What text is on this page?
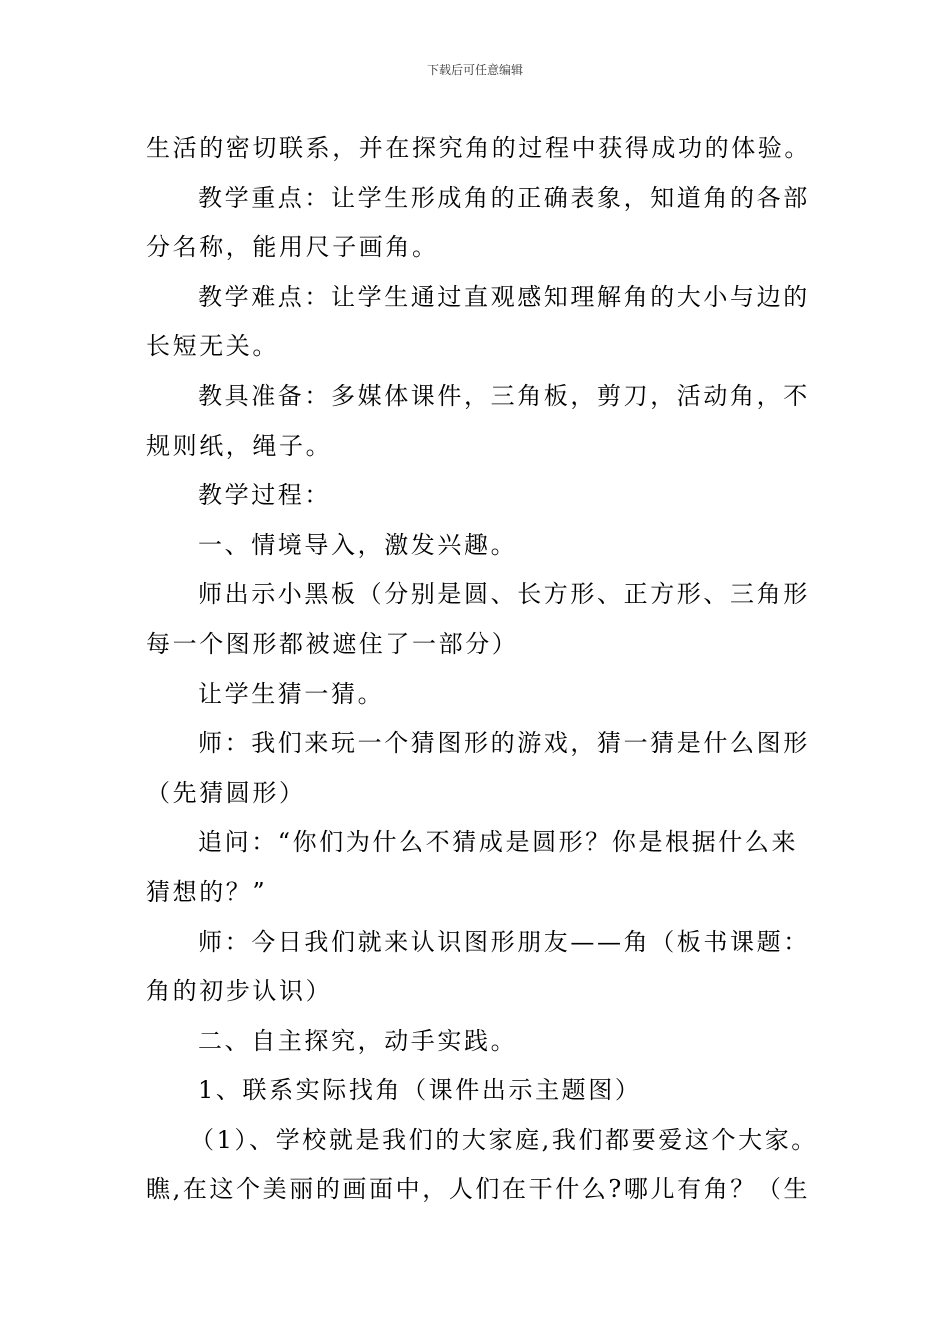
下载后可任意编辑

生活的密切联系，并在探究角的过程中获得成功的体验。

教学重点：让学生形成角的正确表象，知道角的各部

分名称，能用尺子画角。

教学难点：让学生通过直观感知理解角的大小与边的

长短无关。

教具准备：多媒体课件，三角板，剪刀，活动角，不

规则纸，绳子。

教学过程：

一、情境导入，激发兴趣。

师出示小黑板（分别是圆、长方形、正方形、三角形

每一个图形都被遮住了一部分）

让学生猜一猜。

师：我们来玩一个猜图形的游戏，猜一猜是什么图形

（先猜圆形）

追问：“你们为什么不猜成是圆形？你是根据什么来

猜想的？”

师：今日我们就来认识图形朋友——角（板书课题：

角的初步认识）

二、自主探究，动手实践。

1、联系实际找角（课件出示主题图）

（1）、学校就是我们的大家庭,我们都要爱这个大家。

瞧,在这个美丽的画面中，人们在干什么?哪儿有角？（生
